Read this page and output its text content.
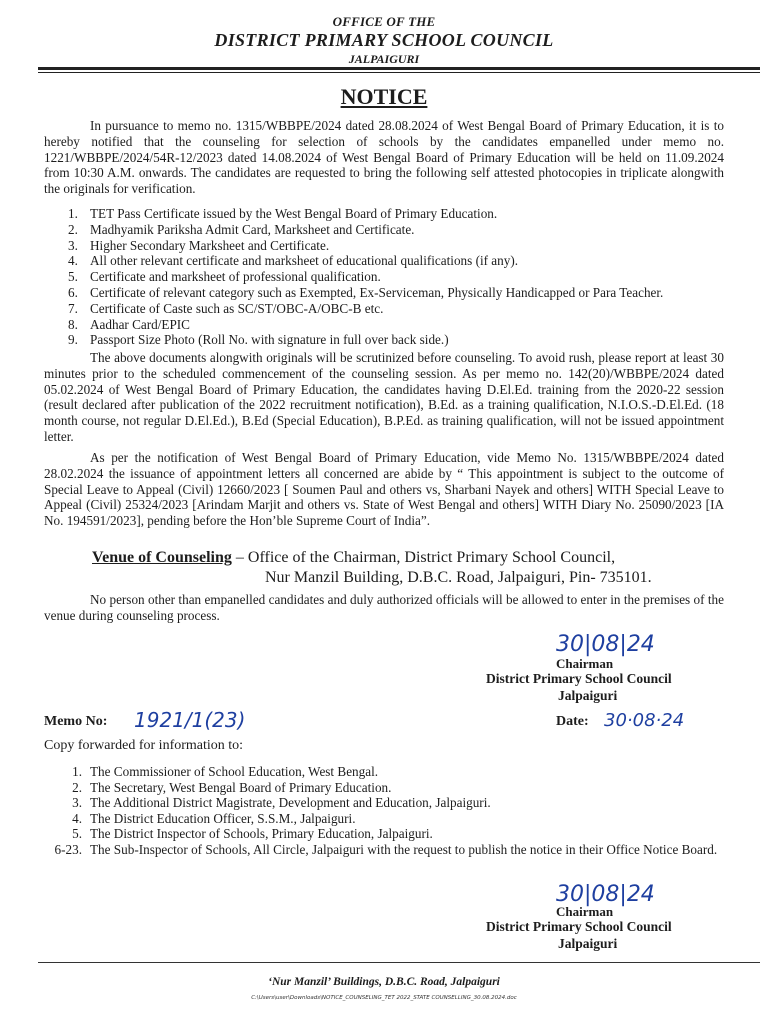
OFFICE OF THE
DISTRICT PRIMARY SCHOOL COUNCIL
JALPAIGURI
NOTICE

In pursuance to memo no. 1315/WBBPE/2024 dated 28.08.2024 of West Bengal Board of Primary Education, it is to hereby notified that the counseling for selection of schools by the candidates empanelled under memo no. 1221/WBBPE/2024/54R-12/2023 dated 14.08.2024 of West Bengal Board of Primary Education will be held on 11.09.2024 from 10:30 A.M. onwards. The candidates are requested to bring the following self attested photocopies in triplicate alongwith the originals for verification.

1. TET Pass Certificate issued by the West Bengal Board of Primary Education.
2. Madhyamik Pariksha Admit Card, Marksheet and Certificate.
3. Higher Secondary Marksheet and Certificate.
4. All other relevant certificate and marksheet of educational qualifications (if any).
5. Certificate and marksheet of professional qualification.
6. Certificate of relevant category such as Exempted, Ex-Serviceman, Physically Handicapped or Para Teacher.
7. Certificate of Caste such as SC/ST/OBC-A/OBC-B etc.
8. Aadhar Card/EPIC
9. Passport Size Photo (Roll No. with signature in full over back side.)

The above documents alongwith originals will be scrutinized before counseling. To avoid rush, please report at least 30 minutes prior to the scheduled commencement of the counseling session. As per memo no. 142(20)/WBBPE/2024 dated 05.02.2024 of West Bengal Board of Primary Education, the candidates having D.El.Ed. training from the 2020-22 session (result declared after publication of the 2022 recruitment notification), B.Ed. as a training qualification, N.I.O.S.-D.El.Ed. (18 month course, not regular D.El.Ed.), B.Ed (Special Education), B.P.Ed. as training qualification, will not be issued appointment letter.

As per the notification of West Bengal Board of Primary Education, vide Memo No. 1315/WBBPE/2024 dated 28.02.2024 the issuance of appointment letters all concerned are abide by “ This appointment is subject to the outcome of Special Leave to Appeal (Civil) 12660/2023 [ Soumen Paul and others vs, Sharbani Nayek and others] WITH Special Leave to Appeal (Civil) 25324/2023 [Arindam Marjit and others vs. State of West Bengal and others] WITH Diary No. 25090/2023 [IA No. 194591/2023], pending before the Hon’ble Supreme Court of India”.

Venue of Counseling – Office of the Chairman, District Primary School Council,
Nur Manzil Building, D.B.C. Road, Jalpaiguri, Pin- 735101.

No person other than empanelled candidates and duly authorized officials will be allowed to enter in the premises of the venue during counseling process.

30|08|24
Chairman
District Primary School Council
Jalpaiguri
Memo No: 1921/1(23)	Date: 30·08·24
Copy forwarded for information to:
1. The Commissioner of School Education, West Bengal.
2. The Secretary, West Bengal Board of Primary Education.
3. The Additional District Magistrate, Development and Education, Jalpaiguri.
4. The District Education Officer, S.S.M., Jalpaiguri.
5. The District Inspector of Schools, Primary Education, Jalpaiguri.
6-23. The Sub-Inspector of Schools, All Circle, Jalpaiguri with the request to publish the notice in their Office Notice Board.
30|08|24
Chairman
District Primary School Council
Jalpaiguri
‘Nur Manzil’ Buildings, D.B.C. Road, Jalpaiguri
C:\Users\user\Downloads\NOTICE_COUNSELING_TET 2022_STATE COUNSELLING_30.08.2024.doc
